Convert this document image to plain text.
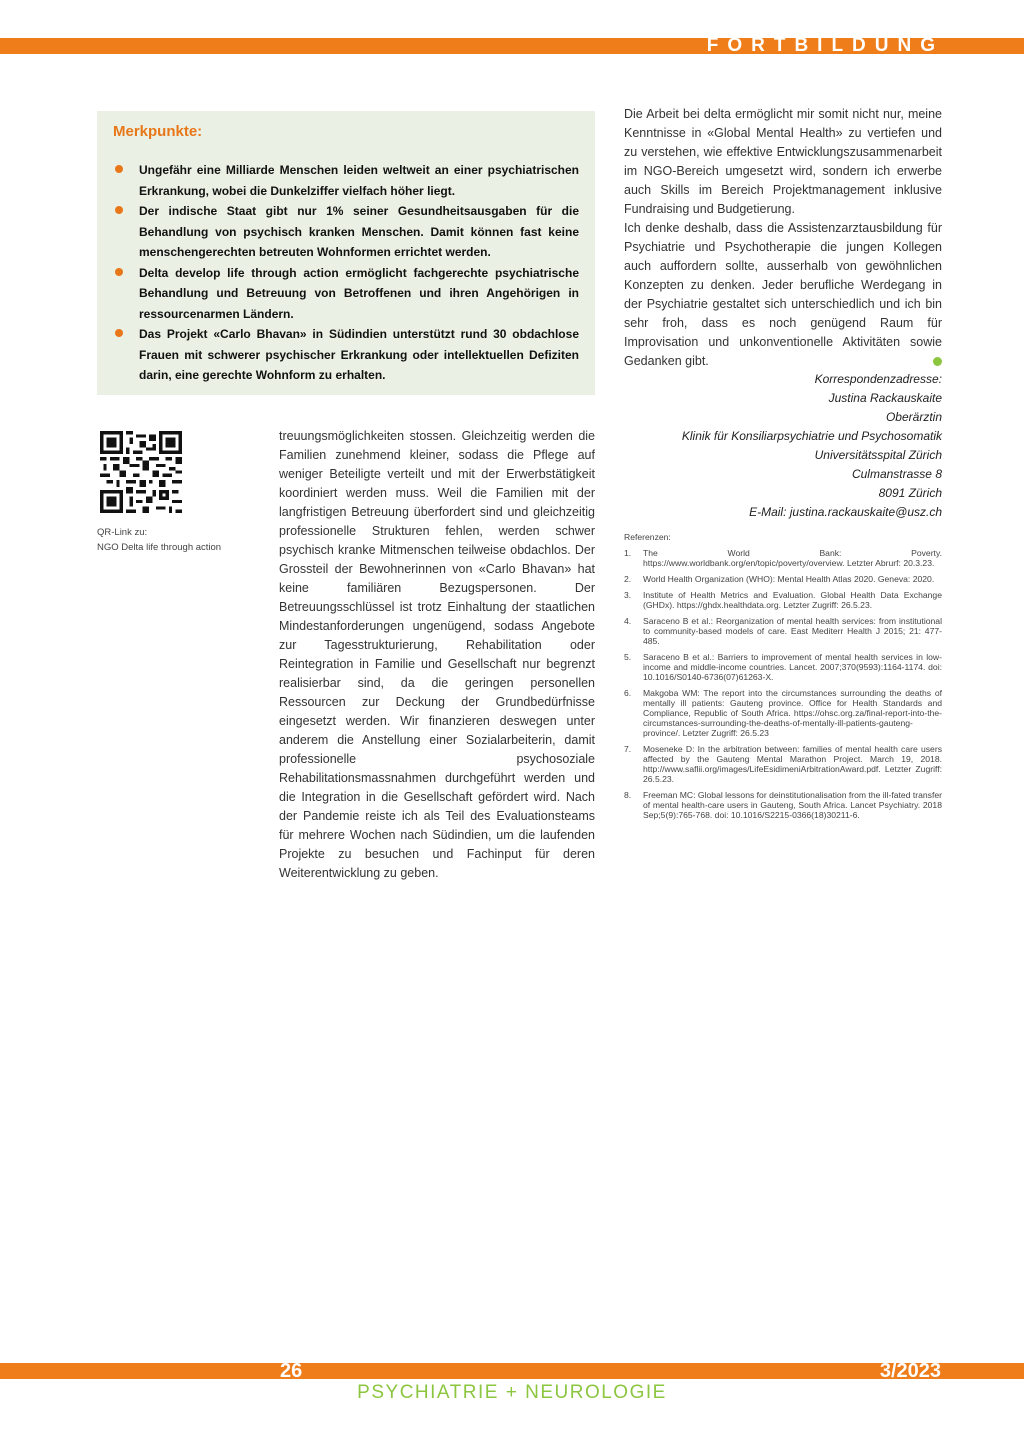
FORTBILDUNG
Merkpunkte:
Ungefähr eine Milliarde Menschen leiden weltweit an einer psychiatrischen Erkrankung, wobei die Dunkelziffer vielfach höher liegt.
Der indische Staat gibt nur 1% seiner Gesundheitsausgaben für die Behandlung von psychisch kranken Menschen. Damit können fast keine menschengerechten betreuten Wohnformen errichtet werden.
Delta develop life through action ermöglicht fachgerechte psychiatrische Behandlung und Betreuung von Betroffenen und ihren Angehörigen in ressourcenarmen Ländern.
Das Projekt «Carlo Bhavan» in Südindien unterstützt rund 30 obdachlose Frauen mit schwerer psychischer Erkrankung oder intellektuellen Defiziten darin, eine gerechte Wohnform zu erhalten.

Die Arbeit bei delta ermöglicht mir somit nicht nur, meine Kenntnisse in «Global Mental Health» zu vertiefen und zu verstehen, wie effektive Entwicklungszusammenarbeit im NGO-Bereich umgesetzt wird, sondern ich erwerbe auch Skills im Bereich Projektmanagement inklusive Fundraising und Budgetierung.

Ich denke deshalb, dass die Assistenzarztausbildung für Psychiatrie und Psychotherapie die jungen Kollegen auch auffordern sollte, ausserhalb von gewöhnlichen Konzepten zu denken. Jeder berufliche Werdegang in der Psychiatrie gestaltet sich unterschiedlich und ich bin sehr froh, dass es noch genügend Raum für Improvisation und unkonventionelle Aktivitäten sowie Gedanken gibt.

Korrespondenzadresse:
Justina Rackauskaite
Oberärztin
Klinik für Konsiliarpsychiatrie und Psychosomatik
Universitätsspital Zürich
Culmanstrasse 8
8091 Zürich
E-Mail: justina.rackauskaite@usz.ch
Referenzen:
1. The World Bank: Poverty. https://www.worldbank.org/en/topic/poverty/overview. Letzter Abrurf: 20.3.23.
2. World Health Organization (WHO): Mental Health Atlas 2020. Geneva: 2020.
3. Institute of Health Metrics and Evaluation. Global Health Data Exchange (GHDx). https://ghdx.healthdata.org. Letzter Zugriff: 26.5.23.
4. Saraceno B et al.: Reorganization of mental health services: from institutional to community-based models of care. East Mediterr Health J 2015; 21: 477-485.
5. Saraceno B et al.: Barriers to improvement of mental health services in low-income and middle-income countries. Lancet. 2007;370(9593):1164-1174. doi: 10.1016/S0140-6736(07)61263-X.
6. Makgoba WM: The report into the circumstances surrounding the deaths of mentally ill patients: Gauteng province. Office for Health Standards and Compliance, Republic of South Africa. https://ohsc.org.za/final-report-into-the-circumstances-surrounding-the-deaths-of-mentally-ill-patients-gauteng-province/. Letzter Zugriff: 26.5.23
7. Moseneke D: In the arbitration between: families of mental health care users affected by the Gauteng Mental Marathon Project. March 19, 2018. http://www.saflii.org/images/LifeEsidimeniArbitrationAward.pdf. Letzter Zugriff: 26.5.23.
8. Freeman MC: Global lessons for deinstitutionalisation from the ill-fated transfer of mental health-care users in Gauteng, South Africa. Lancet Psychiatry. 2018 Sep;5(9):765-768. doi: 10.1016/S2215-0366(18)30211-6.
QR-Link zu:
NGO Delta life through action
treuungsmöglichkeiten stossen. Gleichzeitig werden die Familien zunehmend kleiner, sodass die Pflege auf weniger Beteiligte verteilt und mit der Erwerbstätigkeit koordiniert werden muss. Weil die Familien mit der langfristigen Betreuung überfordert sind und gleichzeitig professionelle Strukturen fehlen, werden schwer psychisch kranke Mitmenschen teilweise obdachlos. Der Grossteil der Bewohnerinnen von «Carlo Bhavan» hat keine familiären Bezugspersonen. Der Betreuungsschlüssel ist trotz Einhaltung der staatlichen Mindestanforderungen ungenügend, sodass Angebote zur Tagesstrukturierung, Rehabilitation oder Reintegration in Familie und Gesellschaft nur begrenzt realisierbar sind, da die geringen personellen Ressourcen zur Deckung der Grundbedürfnisse eingesetzt werden. Wir finanzieren deswegen unter anderem die Anstellung einer Sozialarbeiterin, damit professionelle psychosoziale Rehabilitationsmassnahmen durchgeführt werden und die Integration in die Gesellschaft gefördert wird. Nach der Pandemie reiste ich als Teil des Evaluationsteams für mehrere Wochen nach Südindien, um die laufenden Projekte zu besuchen und Fachinput für deren Weiterentwicklung zu geben.
26	3/2023
PSYCHIATRIE + NEUROLOGIE
